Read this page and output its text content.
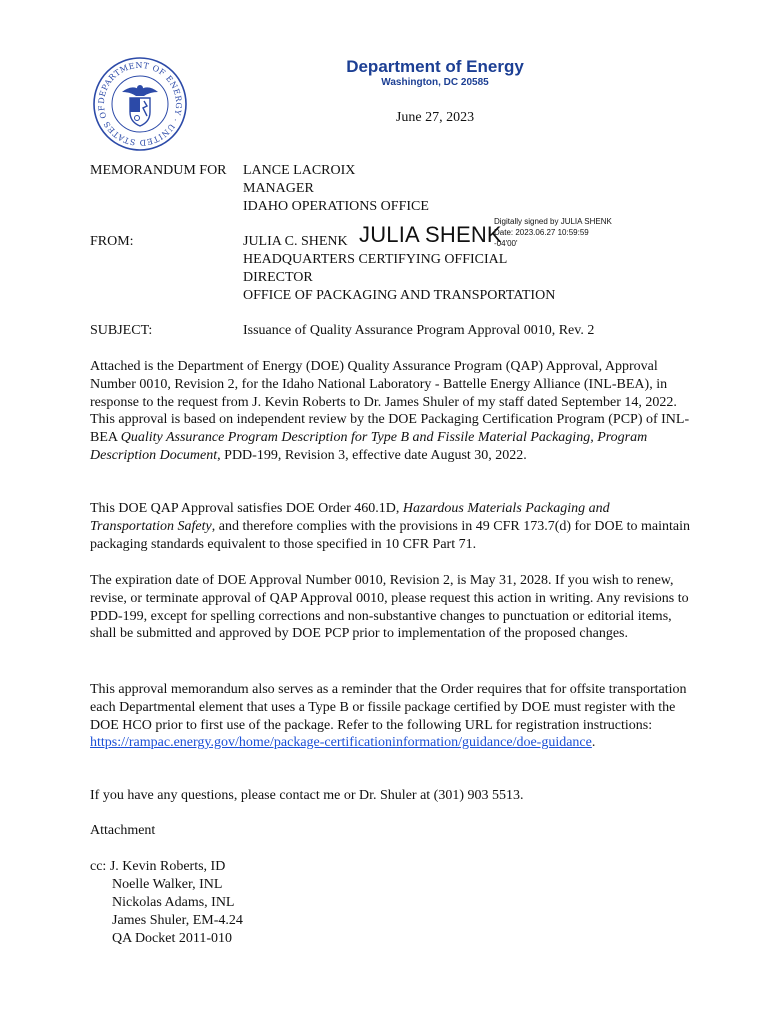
DEPARTMENT OF ENERGY · UNITED STATES OF
Department of Energy
Washington, DC 20585
June 27, 2023
MEMORANDUM FOR LANCE LACROIX
MANAGER
IDAHO OPERATIONS OFFICE
FROM:	JULIA C. SHENK JULIA SHENK
Digitally signed by JULIA SHENK
Date: 2023.06.27 10:59:59
-04'00'
HEADQUARTERS CERTIFYING OFFICIAL
DIRECTOR
OFFICE OF PACKAGING AND TRANSPORTATION
SUBJECT:	Issuance of Quality Assurance Program Approval 0010, Rev. 2

Attached is the Department of Energy (DOE) Quality Assurance Program (QAP) Approval, Approval Number 0010, Revision 2, for the Idaho National Laboratory - Battelle Energy Alliance (INL-BEA), in response to the request from J. Kevin Roberts to Dr. James Shuler of my staff dated September 14, 2022. This approval is based on independent review by the DOE Packaging Certification Program (PCP) of INL-BEA Quality Assurance Program Description for Type B and Fissile Material Packaging, Program Description Document, PDD-199, Revision 3, effective date August 30, 2022.

This DOE QAP Approval satisfies DOE Order 460.1D, Hazardous Materials Packaging and Transportation Safety, and therefore complies with the provisions in 49 CFR 173.7(d) for DOE to maintain packaging standards equivalent to those specified in 10 CFR Part 71.

The expiration date of DOE Approval Number 0010, Revision 2, is May 31, 2028. If you wish to renew, revise, or terminate approval of QAP Approval 0010, please request this action in writing. Any revisions to PDD-199, except for spelling corrections and non-substantive changes to punctuation or editorial items, shall be submitted and approved by DOE PCP prior to implementation of the proposed changes.

This approval memorandum also serves as a reminder that the Order requires that for offsite transportation each Departmental element that uses a Type B or fissile package certified by DOE must register with the DOE HCO prior to first use of the package. Refer to the following URL for registration instructions: https://rampac.energy.gov/home/package-certificationinformation/guidance/doe-guidance.

If you have any questions, please contact me or Dr. Shuler at (301) 903 5513.

Attachment
cc: J. Kevin Roberts, ID
Noelle Walker, INL
Nickolas Adams, INL
James Shuler, EM-4.24
QA Docket 2011-010
